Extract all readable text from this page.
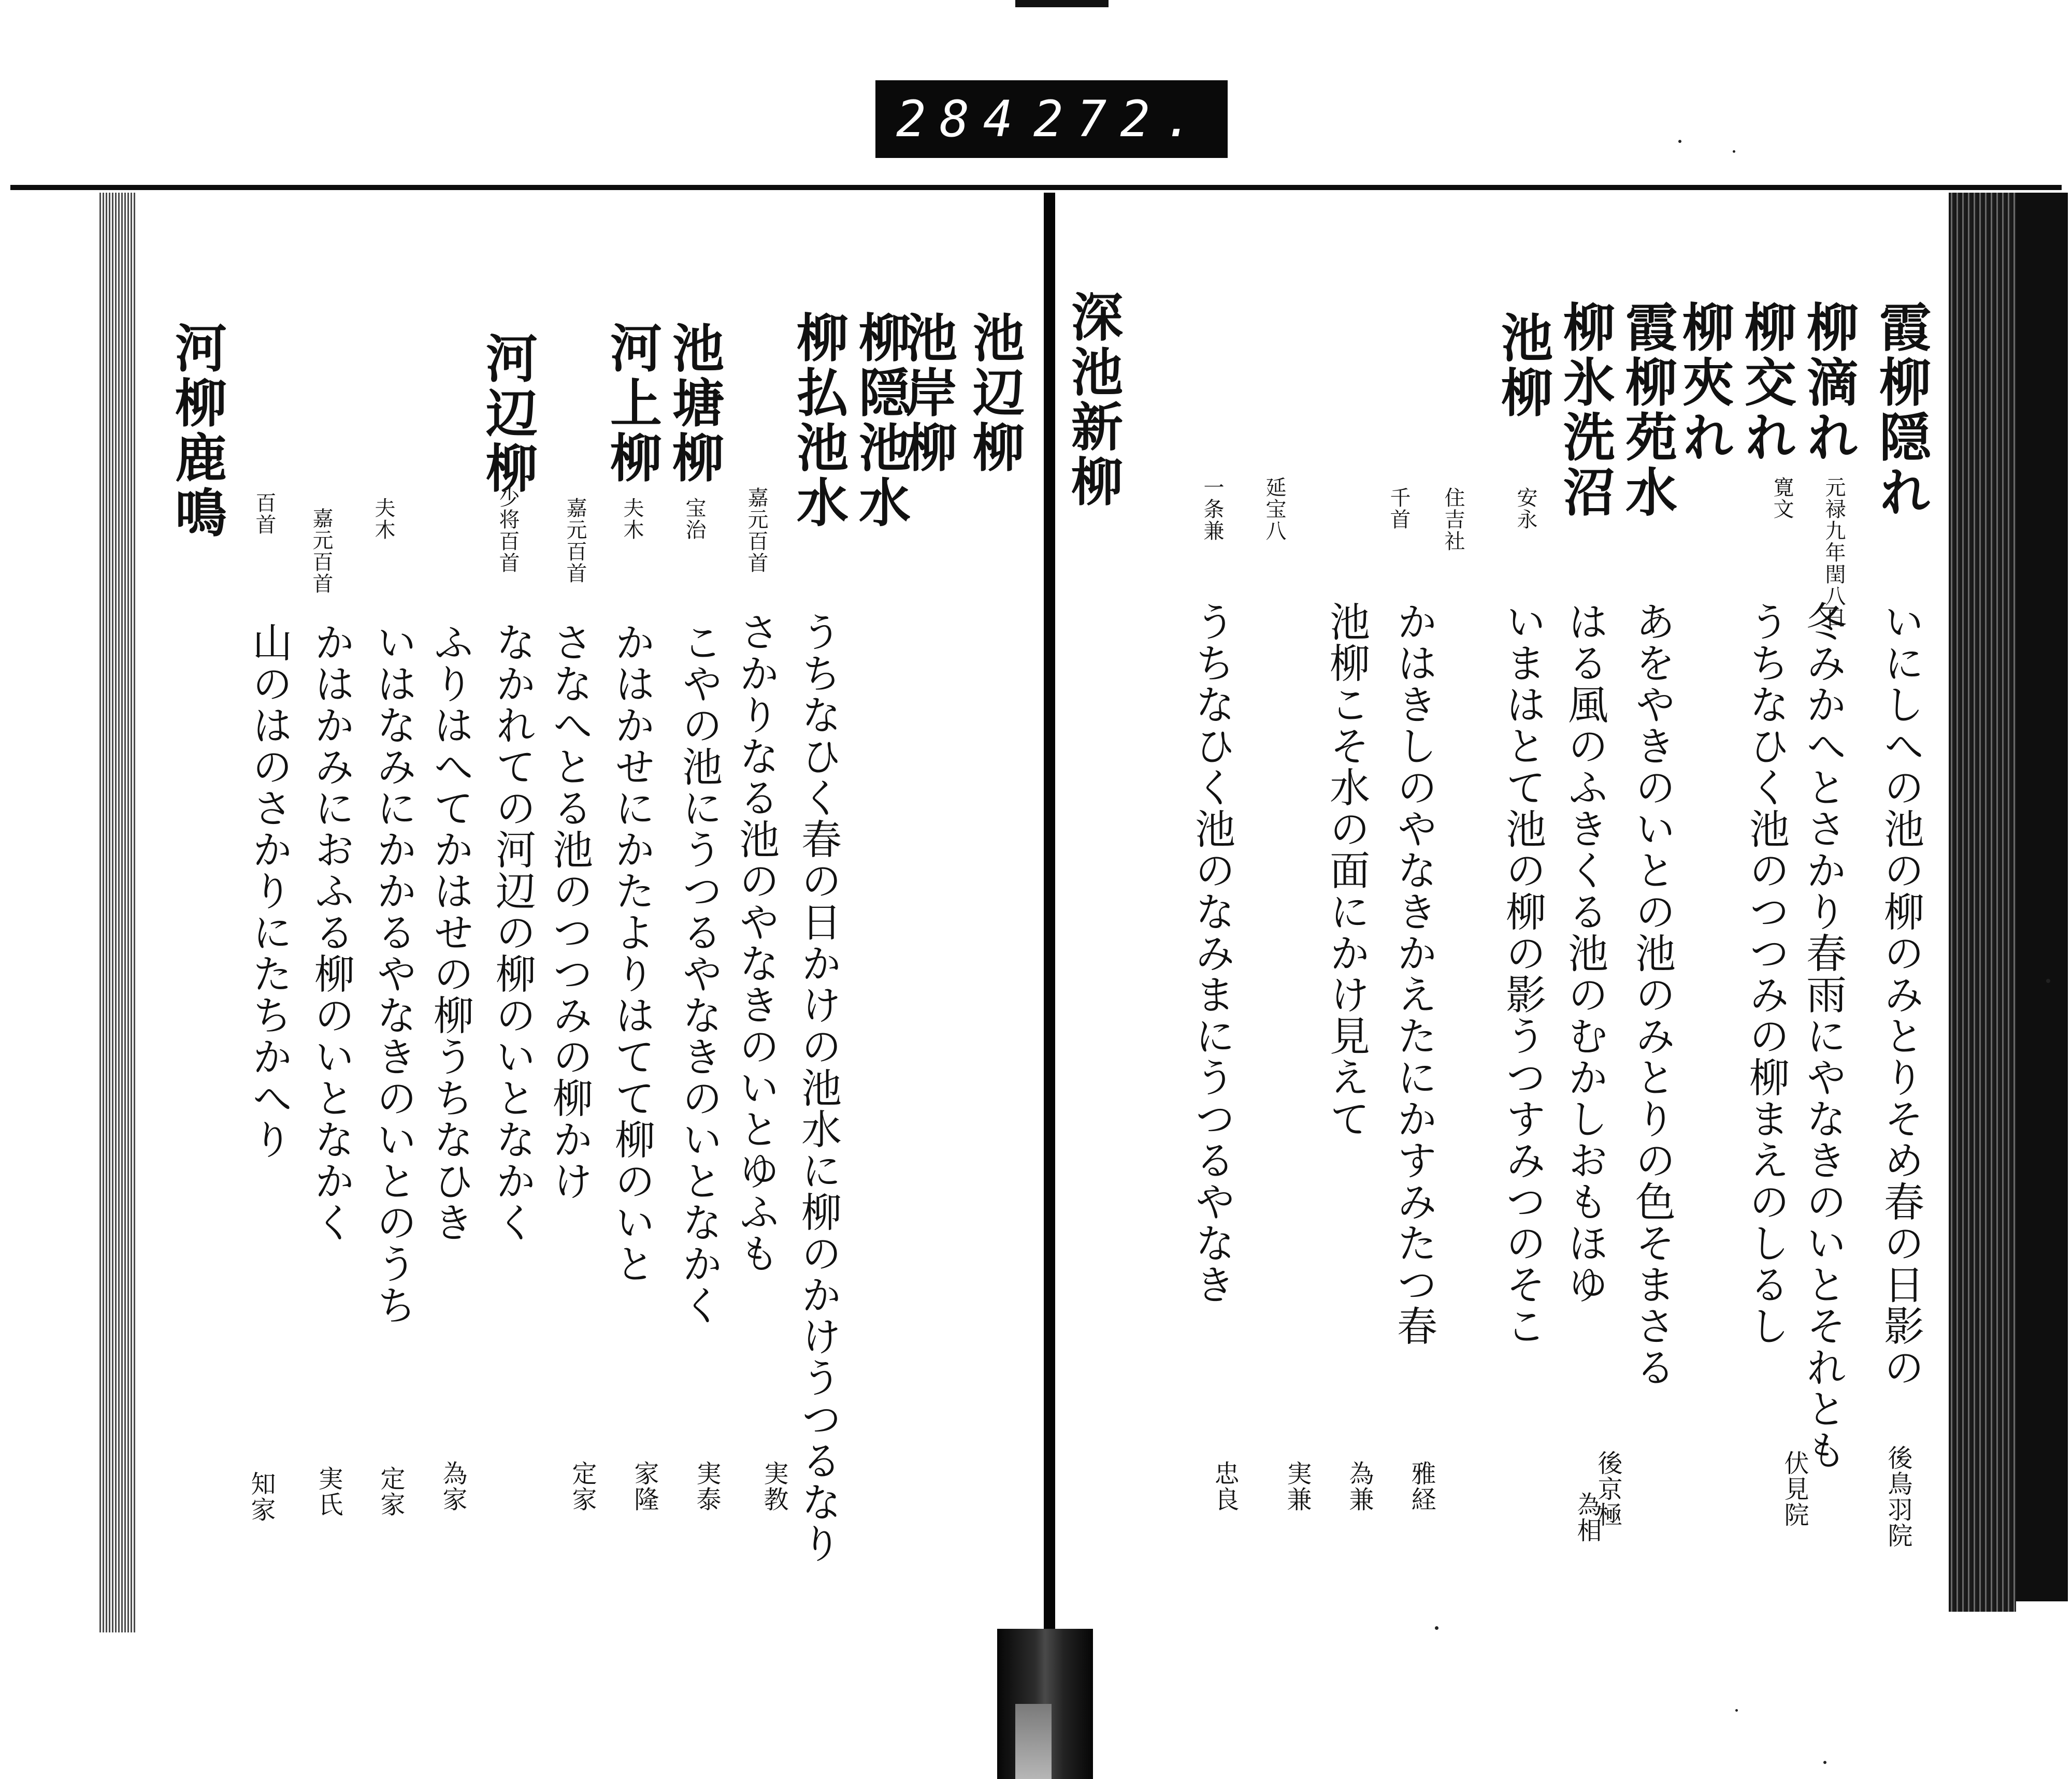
284 272.
霞柳隠れ
柳滴れ
柳交れ
柳夾れ
霞柳苑水
柳氷洗沼
池柳
深池新柳
元禄九年閏八日
寛文
安永
住吉社
千首
延宝八
一条兼
いにしへの池の柳のみとりそめ春の日影の
冬みかへとさかり春雨にやなきのいとそれとも
うちなひく池のつつみの柳まえのしるし
あをやきのいとの池のみとりの色そまさる
はる風のふきくる池のむかしおもほゆ
いまはとて池の柳の影うつすみつのそこ
かはきしのやなきかえたにかすみたつ春
池柳こそ水の面にかけ見えて
うちなひく池のなみまにうつるやなき
後鳥羽院
伏見院
後京極
為相
雅経
為兼
実兼
忠良
池辺柳
池岸柳
柳隠池水
柳払池水
池塘柳
河上柳
河辺柳
河柳鹿鳴	嘉元百首
宝治
夫木
嘉元百首
少将百首
夫木
嘉元百首
百首
うちなひく春の日かけの池水に柳のかけうつるなり
さかりなる池のやなきのいとゆふも
こやの池にうつるやなきのいとなかく
かはかせにかたよりはてて柳のいと
さなへとる池のつつみの柳かけ
なかれての河辺の柳のいとなかく
ふりはへてかはせの柳うちなひき
いはなみにかかるやなきのいとのうち
かはかみにおふる柳のいとなかく
山のはのさかりにたちかへり
実教
実泰
家隆
定家
為家
定家
実氏
知家
